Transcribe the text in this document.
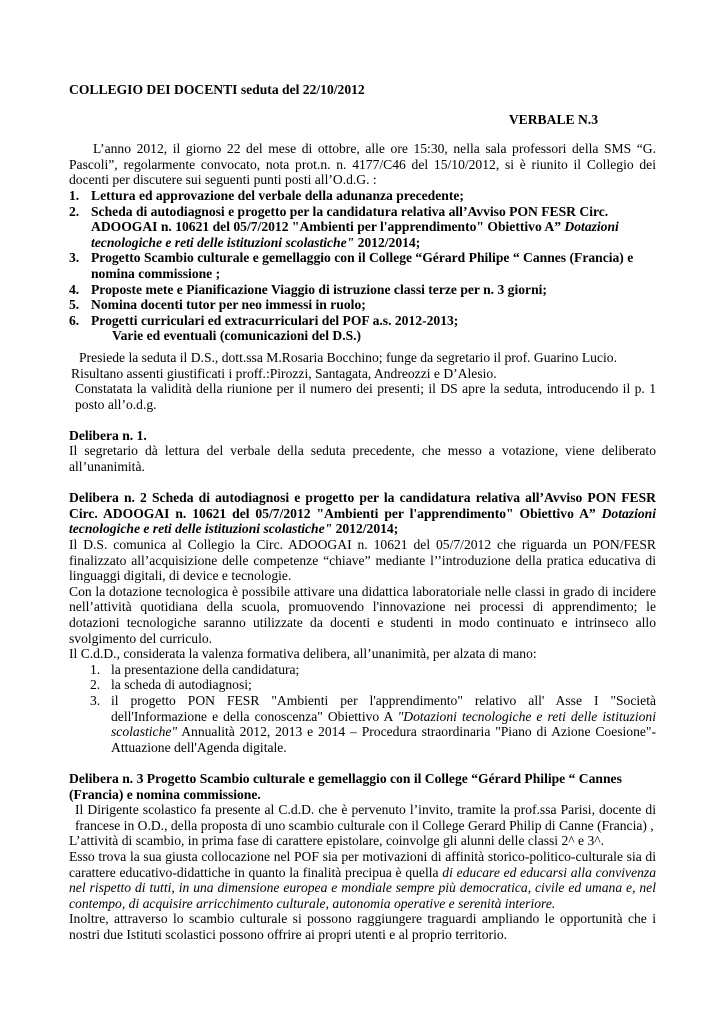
COLLEGIO DEI DOCENTI seduta del 22/10/2012

VERBALE N.3

L’anno 2012, il giorno 22 del mese di ottobre, alle ore 15:30, nella sala professori della SMS “G. Pascoli”, regolarmente convocato, nota prot.n. n. 4177/C46 del 15/10/2012, si è riunito il Collegio dei docenti per discutere sui seguenti punti posti all’O.d.G. :

1. Lettura ed approvazione del verbale della adunanza precedente;
2. Scheda di autodiagnosi e progetto per la candidatura relativa all’Avviso PON FESR Circ. ADOOGAI n. 10621 del 05/7/2012 "Ambienti per l'apprendimento" Obiettivo A” Dotazioni tecnologiche e reti delle istituzioni scolastiche" 2012/2014;
3. Progetto Scambio culturale e gemellaggio con il College “Gérard Philipe “ Cannes (Francia) e nomina commissione ;
4. Proposte mete e Pianificazione Viaggio di istruzione classi terze per n. 3 giorni;
5. Nomina docenti tutor per neo immessi in ruolo;
6. Progetti curriculari ed extracurriculari del POF a.s. 2012-2013;

Varie ed eventuali (comunicazioni del D.S.)

Presiede la seduta il D.S., dott.ssa M.Rosaria Bocchino; funge da segretario il prof. Guarino Lucio.

Risultano assenti giustificati i proff.:Pirozzi, Santagata, Andreozzi e D’Alesio.

Constatata la validità della riunione per il numero dei presenti; il DS apre la seduta, introducendo il p. 1 posto all’o.d.g.

Delibera n. 1.

Il segretario dà lettura del verbale della seduta precedente, che messo a votazione, viene deliberato all’unanimità.

Delibera n. 2 Scheda di autodiagnosi e progetto per la candidatura relativa all’Avviso PON FESR Circ. ADOOGAI n. 10621 del 05/7/2012 "Ambienti per l'apprendimento" Obiettivo A” Dotazioni tecnologiche e reti delle istituzioni scolastiche" 2012/2014;

Il D.S. comunica al Collegio la Circ. ADOOGAI n. 10621 del 05/7/2012 che riguarda un PON/FESR finalizzato all’acquisizione delle competenze “chiave” mediante l’’introduzione della pratica educativa di linguaggi digitali, di device e tecnologie.

Con la dotazione tecnologica è possibile attivare una didattica laboratoriale nelle classi in grado di incidere nell’attività quotidiana della scuola, promuovendo l'innovazione nei processi di apprendimento; le dotazioni tecnologiche saranno utilizzate da docenti e studenti in modo continuato e intrinseco allo svolgimento del curriculo.

Il C.d.D., considerata la valenza formativa delibera, all’unanimità, per alzata di mano:

1. la presentazione della candidatura;
2. la scheda di autodiagnosi;
3. il progetto PON FESR "Ambienti per l'apprendimento" relativo all' Asse I "Società dell'Informazione e della conoscenza" Obiettivo A "Dotazioni tecnologiche e reti delle istituzioni scolastiche" Annualità 2012, 2013 e 2014 – Procedura straordinaria "Piano di Azione Coesione"- Attuazione dell'Agenda digitale.

Delibera n. 3 Progetto Scambio culturale e gemellaggio con il College “Gérard Philipe “ Cannes (Francia) e nomina commissione.

Il Dirigente scolastico fa presente al C.d.D. che è pervenuto l’invito, tramite la prof.ssa Parisi, docente di francese in O.D., della proposta di uno scambio culturale con il College Gerard Philip di Canne (Francia) ,

L’attività di scambio, in prima fase di carattere epistolare, coinvolge gli alunni delle classi 2^ e 3^.

Esso trova la sua giusta collocazione nel POF sia per motivazioni di affinità storico-politico-culturale sia di carattere educativo-didattiche in quanto la finalità precipua è quella di educare ed educarsi alla convivenza nel rispetto di tutti, in una dimensione europea e mondiale sempre più democratica, civile ed umana e, nel contempo, di acquisire arricchimento culturale, autonomia operative e serenità interiore.

Inoltre, attraverso lo scambio culturale si possono raggiungere traguardi ampliando le opportunità che i nostri due Istituti scolastici possono offrire ai propri utenti e al proprio territorio.
